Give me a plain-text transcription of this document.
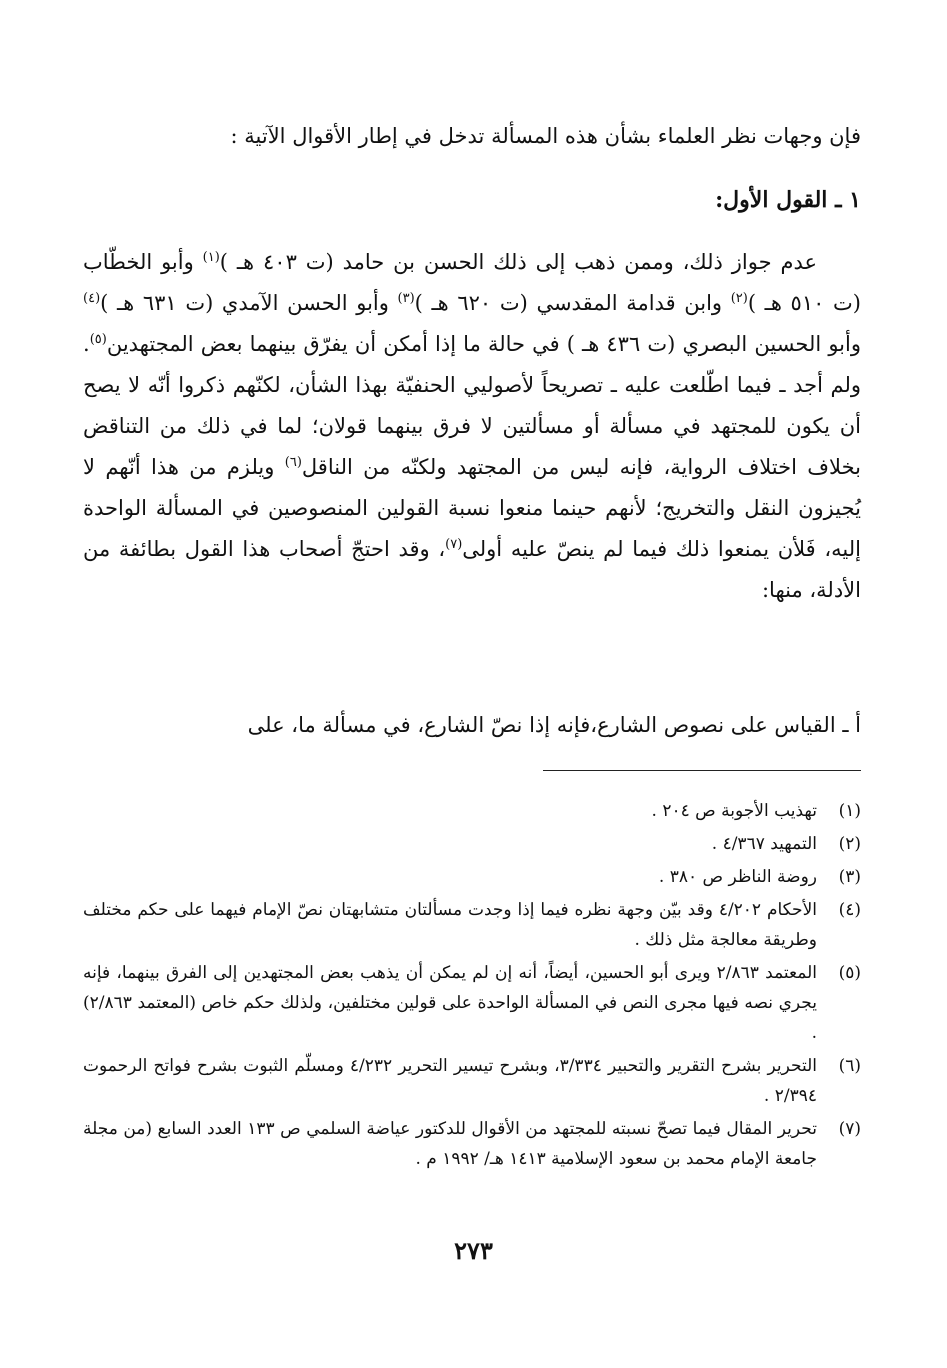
فإن وجهات نظر العلماء بشأن هذه المسألة تدخل في إطار الأقوال الآتية :

١ ـ القول الأول:

عدم جواز ذلك، وممن ذهب إلى ذلك الحسن بن حامد (ت ٤٠٣ هـ )$^{(١)}$ وأبو الخطّاب (ت ٥١٠ هـ )$^{(٢)}$ وابن قدامة المقدسي (ت ٦٢٠ هـ )$^{(٣)}$ وأبو الحسن الآمدي (ت ٦٣١ هـ )$^{(٤)}$ وأبو الحسين البصري (ت ٤٣٦ هـ ) في حالة ما إذا أمكن أن يفرّق بينهما بعض المجتهدين$^{(٥)}$. ولم أجد ـ فيما اطّلعت عليه ـ تصريحاً لأصوليي الحنفيّة بهذا الشأن، لكنّهم ذكروا أنّه لا يصح أن يكون للمجتهد في مسألة أو مسألتين لا فرق بينهما قولان؛ لما في ذلك من التناقض بخلاف اختلاف الرواية، فإنه ليس من المجتهد ولكنّه من الناقل$^{(٦)}$ ويلزم من هذا أنّهم لا يُجيزون النقل والتخريج؛ لأنهم حينما منعوا نسبة القولين المنصوصين في المسألة الواحدة إليه، فَلأن يمنعوا ذلك فيما لم ينصّ عليه أولى$^{(٧)}$، وقد احتجّ أصحاب هذا القول بطائفة من الأدلة، منها:

أ ـ القياس على نصوص الشارع،فإنه إذا نصّ الشارع، في مسألة ما، على

(١)
تهذيب الأجوبة ص ٢٠٤ .
(٢)
التمهيد ٤/٣٦٧ .
(٣)
روضة الناظر ص ٣٨٠ .
(٤)
الأحكام ٤/٢٠٢ وقد بيّن وجهة نظره فيما إذا وجدت مسألتان متشابهتان نصّ الإمام فيهما على حكم مختلف وطريقة معالجة مثل ذلك .
(٥)
المعتمد ٢/٨٦٣ ويرى أبو الحسين، أيضاً، أنه إن لم يمكن أن يذهب بعض المجتهدين إلى الفرق بينهما، فإنه يجري نصه فيها مجرى النص في المسألة الواحدة على قولين مختلفين، ولذلك حكم خاص (المعتمد ٢/٨٦٣) .
(٦)
التحرير بشرح التقرير والتحبير ٣/٣٣٤، وبشرح تيسير التحرير ٤/٢٣٢ ومسلّم الثبوت بشرح فواتح الرحموت ٢/٣٩٤ .
(٧)
تحرير المقال فيما تصحّ نسبته للمجتهد من الأقوال للدكتور عياضة السلمي ص ١٣٣ العدد السابع (من مجلة جامعة الإمام محمد بن سعود الإسلامية ١٤١٣ هـ/ ١٩٩٢ م .
٢٧٣
